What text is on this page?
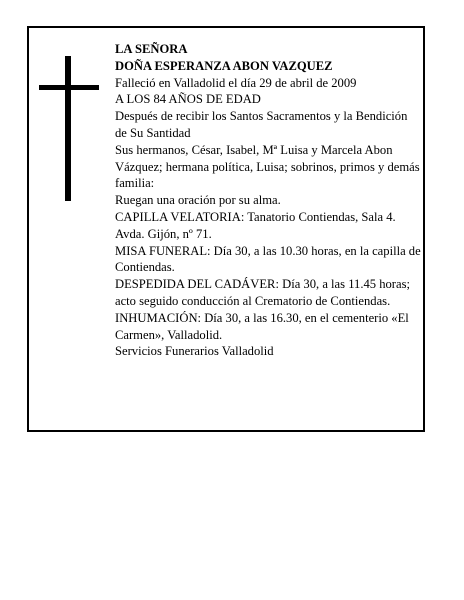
LA SEÑORA
DOÑA ESPERANZA ABON VAZQUEZ
Falleció en Valladolid el día 29 de abril de 2009
A LOS 84 AÑOS DE EDAD
Después de recibir los Santos Sacramentos y la Bendición de Su Santidad
Sus hermanos, César, Isabel, Mª Luisa y Marcela Abon Vázquez; hermana política, Luisa; sobrinos, primos y demás familia:
Ruegan una oración por su alma.
CAPILLA VELATORIA: Tanatorio Contiendas, Sala 4. Avda. Gijón, nº 71.
MISA FUNERAL: Día 30, a las 10.30 horas, en la capilla de Contiendas.
DESPEDIDA DEL CADÁVER: Día 30, a las 11.45 horas; acto seguido conducción al Crematorio de Contiendas.
INHUMACIÓN: Día 30, a las 16.30, en el cementerio «El Carmen», Valladolid.
Servicios Funerarios Valladolid
